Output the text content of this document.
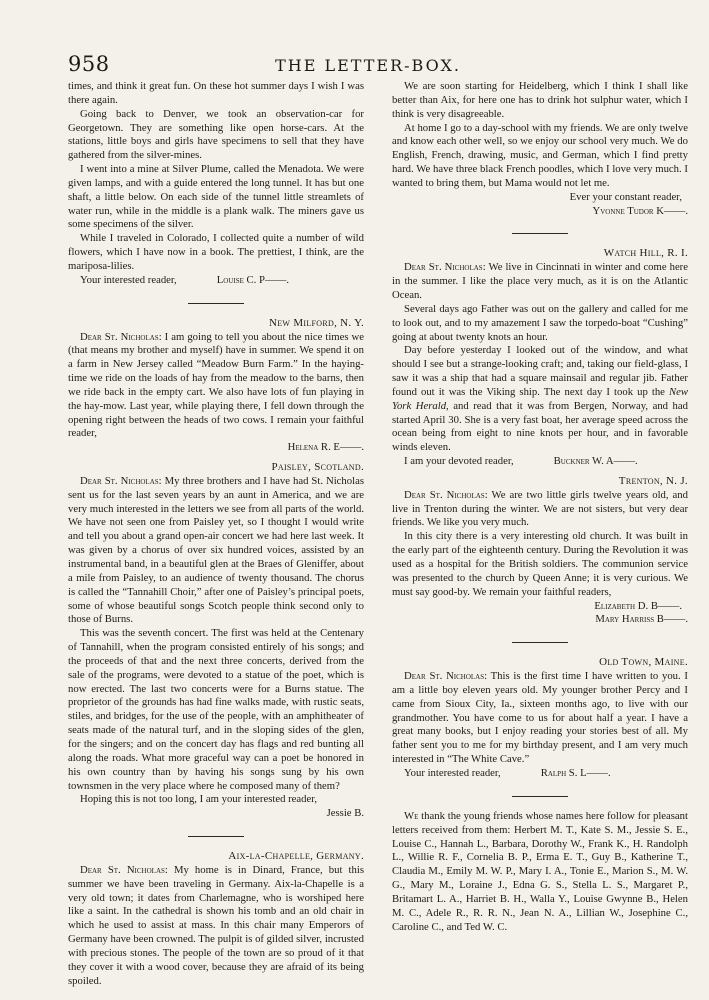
958	THE LETTER-BOX.

times, and think it great fun. On these hot summer days I wish I was there again.

Going back to Denver, we took an observation-car for Georgetown. They are something like open horse-cars. At the stations, little boys and girls have specimens to sell that they have gathered from the silver-mines.

I went into a mine at Silver Plume, called the Menadota. We were given lamps, and with a guide entered the long tunnel. It has but one shaft, a little below. On each side of the tunnel little streamlets of water run, while in the middle is a plank walk. The miners gave us some specimens of the silver.

While I traveled in Colorado, I collected quite a number of wild flowers, which I have now in a book. The prettiest, I think, are the mariposa-lilies.

Your interested reader,	Louise C. P——.

New Milford, N. Y.

Dear St. Nicholas: I am going to tell you about the nice times we (that means my brother and myself) have in summer. We spend it on a farm in New Jersey called “Meadow Burn Farm.” In the haying-time we ride on the loads of hay from the meadow to the barns, then we ride back in the empty cart. We also have lots of fun playing in the hay-mow. Last year, while playing there, I fell down through the opening right between the heads of two cows. I remain your faithful reader,

Helena R. E——.

Paisley, Scotland.

Dear St. Nicholas: My three brothers and I have had St. Nicholas sent us for the last seven years by an aunt in America, and we are very much interested in the letters we see from all parts of the world. We have not seen one from Paisley yet, so I thought I would write and tell you about a grand open-air concert we had here last week. It was given by a chorus of over six hundred voices, assisted by an instrumental band, in a beautiful glen at the Braes of Gleniffer, about a mile from Paisley, to an audience of twenty thousand. The chorus is called the “Tannahill Choir,” after one of Paisley’s principal poets, some of whose beautiful songs Scotch people think second only to those of Burns.

This was the seventh concert. The first was held at the Centenary of Tannahill, when the program consisted entirely of his songs; and the proceeds of that and the next three concerts, derived from the sale of the programs, were devoted to a statue of the poet, which is now erected. The last two concerts were for a Burns statue. The proprietor of the grounds has had fine walks made, with rustic seats, stiles, and bridges, for the use of the people, with an amphitheater of seats made of the natural turf, and in the sloping sides of the glen, for the singers; and on the concert day has flags and red bunting all along the roads. What more graceful way can a poet be honored in his own country than by having his songs sung by his own townsmen in the very place where he composed many of them?

Hoping this is not too long, I am your interested reader,

Jessie B.

Aix-la-Chapelle, Germany.

Dear St. Nicholas: My home is in Dinard, France, but this summer we have been traveling in Germany. Aix-la-Chapelle is a very old town; it dates from Charlemagne, who is worshiped here like a saint. In the cathedral is shown his tomb and an old chair in which he used to assist at mass. In this chair many Emperors of Germany have been crowned. The pulpit is of gilded silver, incrusted with precious stones. The people of the town are so proud of it that they cover it with a wood cover, because they are afraid of its being spoiled.

We are soon starting for Heidelberg, which I think I shall like better than Aix, for here one has to drink hot sulphur water, which I think is very disagreeable.

At home I go to a day-school with my friends. We are only twelve and know each other well, so we enjoy our school very much. We do English, French, drawing, music, and German, which I find pretty hard. We have three black French poodles, which I love very much. I wanted to bring them, but Mama would not let me.

Ever your constant reader,

Yvonne Tudor K——.

Watch Hill, R. I.

Dear St. Nicholas: We live in Cincinnati in winter and come here in the summer. I like the place very much, as it is on the Atlantic Ocean.

Several days ago Father was out on the gallery and called for me to look out, and to my amazement I saw the torpedo-boat “Cushing” going at about twenty knots an hour.

Day before yesterday I looked out of the window, and what should I see but a strange-looking craft; and, taking our field-glass, I saw it was a ship that had a square mainsail and regular jib. Father found out it was the Viking ship. The next day I took up the New York Herald, and read that it was from Bergen, Norway, and had started April 30. She is a very fast boat, her average speed across the ocean being from eight to nine knots per hour, and in favorable winds eleven.

I am your devoted reader,	Buckner W. A——.

Trenton, N. J.

Dear St. Nicholas: We are two little girls twelve years old, and live in Trenton during the winter. We are not sisters, but very dear friends. We like you very much.

In this city there is a very interesting old church. It was built in the early part of the eighteenth century. During the Revolution it was used as a hospital for the British soldiers. The communion service was presented to the church by Queen Anne; it is very curious. We must say good-by. We remain your faithful readers,

Elizabeth D. B——.

Mary Harriss B——.

Old Town, Maine.

Dear St. Nicholas: This is the first time I have written to you. I am a little boy eleven years old. My younger brother Percy and I came from Sioux City, Ia., sixteen months ago, to live with our grandmother. You have come to us for about half a year. I have a great many books, but I enjoy reading your stories best of all. My father sent you to me for my birthday present, and I am very much interested in “The White Cave.”

Your interested reader,	Ralph S. L——.

We thank the young friends whose names here follow for pleasant letters received from them: Herbert M. T., Kate S. M., Jessie S. E., Louise C., Hannah L., Barbara, Dorothy W., Frank K., H. Randolph L., Willie R. F., Cornelia B. P., Erma E. T., Guy B., Katherine T., Claudia M., Emily M. W. P., Mary I. A., Tonie E., Marion S., M. W. G., Mary M., Loraine J., Edna G. S., Stella L. S., Margaret P., Britamart L. A., Harriet B. H., Walla Y., Louise Gwynne B., Helen M. C., Adele R., R. R. N., Jean N. A., Lillian W., Josephine C., Caroline C., and Ted W. C.
